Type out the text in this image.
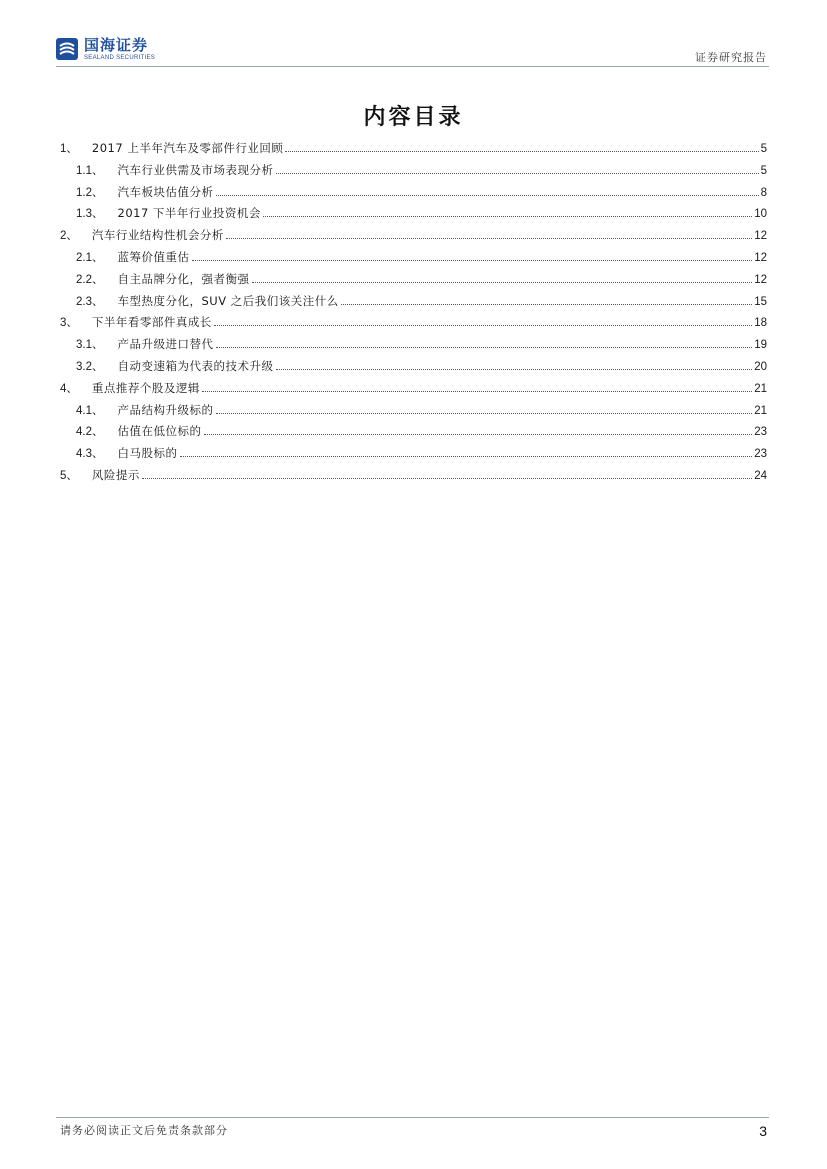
国海证券
SEALAND SECURITIES	证券研究报告
内容目录
1、	2017 上半年汽车及零部件行业回顾	5
1.1、	汽车行业供需及市场表现分析	5
1.2、	汽车板块估值分析	8
1.3、	2017 下半年行业投资机会	10
2、	汽车行业结构性机会分析	12
2.1、	蓝筹价值重估	12
2.2、	自主品牌分化，强者衡强	12
2.3、	车型热度分化，SUV 之后我们该关注什么	15
3、	下半年看零部件真成长	18
3.1、	产品升级进口替代	19
3.2、	自动变速箱为代表的技术升级	20
4、	重点推荐个股及逻辑	21
4.1、	产品结构升级标的	21
4.2、	估值在低位标的	23
4.3、	白马股标的	23
5、	风险提示	24
请务必阅读正文后免责条款部分	3
